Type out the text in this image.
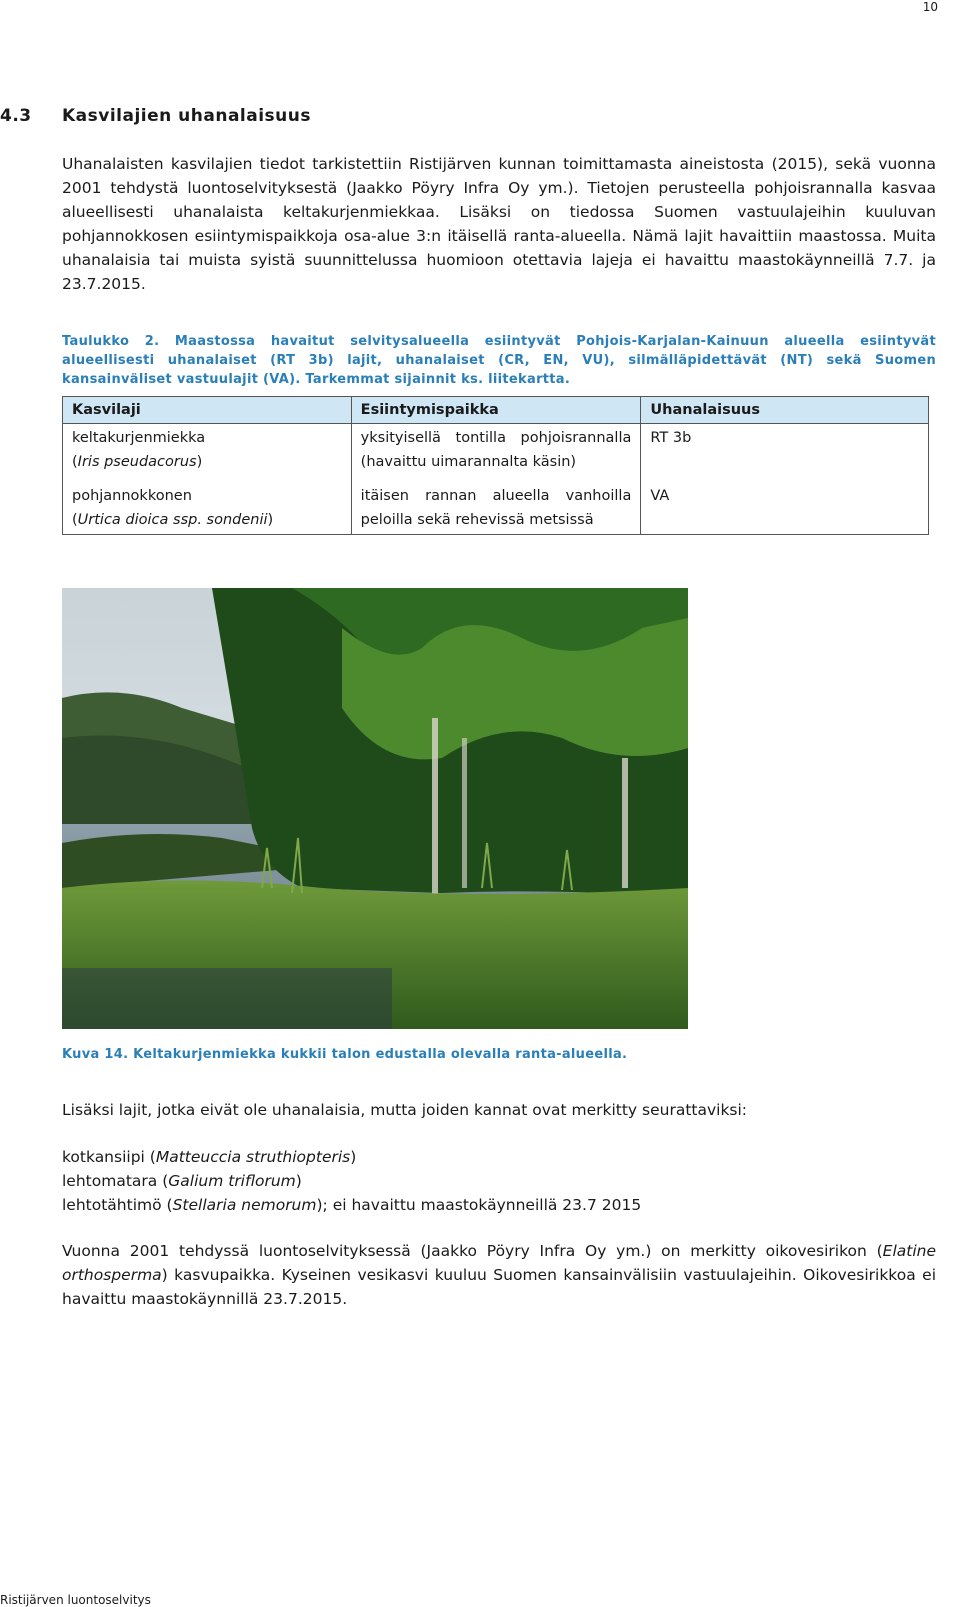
10
4.3 Kasvilajien uhanalaisuus
Uhanalaisten kasvilajien tiedot tarkistettiin Ristijärven kunnan toimittamasta aineistosta (2015), sekä vuonna 2001 tehdystä luontoselvityksestä (Jaakko Pöyry Infra Oy ym.). Tietojen perusteella pohjoisrannalla kasvaa alueellisesti uhanalaista keltakurjenmiekkaa. Lisäksi on tiedossa Suomen vastuulajeihin kuuluvan pohjannokkosen esiintymispaikkoja osa-alue 3:n itäisellä ranta-alueella. Nämä lajit havaittiin maastossa. Muita uhanalaisia tai muista syistä suunnittelussa huomioon otettavia lajeja ei havaittu maastokäynneillä 7.7. ja 23.7.2015.
Taulukko 2. Maastossa havaitut selvitysalueella esiintyvät Pohjois-Karjalan-Kainuun alueella esiintyvät alueellisesti uhanalaiset (RT 3b) lajit, uhanalaiset (CR, EN, VU), silmälläpidettävät (NT) sekä Suomen kansainväliset vastuulajit (VA). Tarkemmat sijainnit ks. liitekartta.
Kasvilaji	Esiintymispaikka	Uhanalaisuus
keltakurjenmiekka
(Iris pseudacorus)	yksityisellä tontilla pohjoisrannalla (havaittu uimarannalta käsin)	RT 3b
pohjannokkonen
(Urtica dioica ssp. sondenii)	itäisen rannan alueella vanhoilla peloilla sekä rehevissä metsissä	VA
Kuva 14. Keltakurjenmiekka kukkii talon edustalla olevalla ranta-alueella.
Lisäksi lajit, jotka eivät ole uhanalaisia, mutta joiden kannat ovat merkitty seurattaviksi:
kotkansiipi (Matteuccia struthiopteris)
lehtomatara (Galium triflorum)
lehtotähtimö (Stellaria nemorum); ei havaittu maastokäynneillä 23.7 2015
Vuonna 2001 tehdyssä luontoselvityksessä (Jaakko Pöyry Infra Oy ym.) on merkitty oikovesirikon (Elatine orthosperma) kasvupaikka. Kyseinen vesikasvi kuuluu Suomen kansainvälisiin vastuulajeihin. Oikovesirikkoa ei havaittu maastokäynnillä 23.7.2015.
Ristijärven luontoselvitys
